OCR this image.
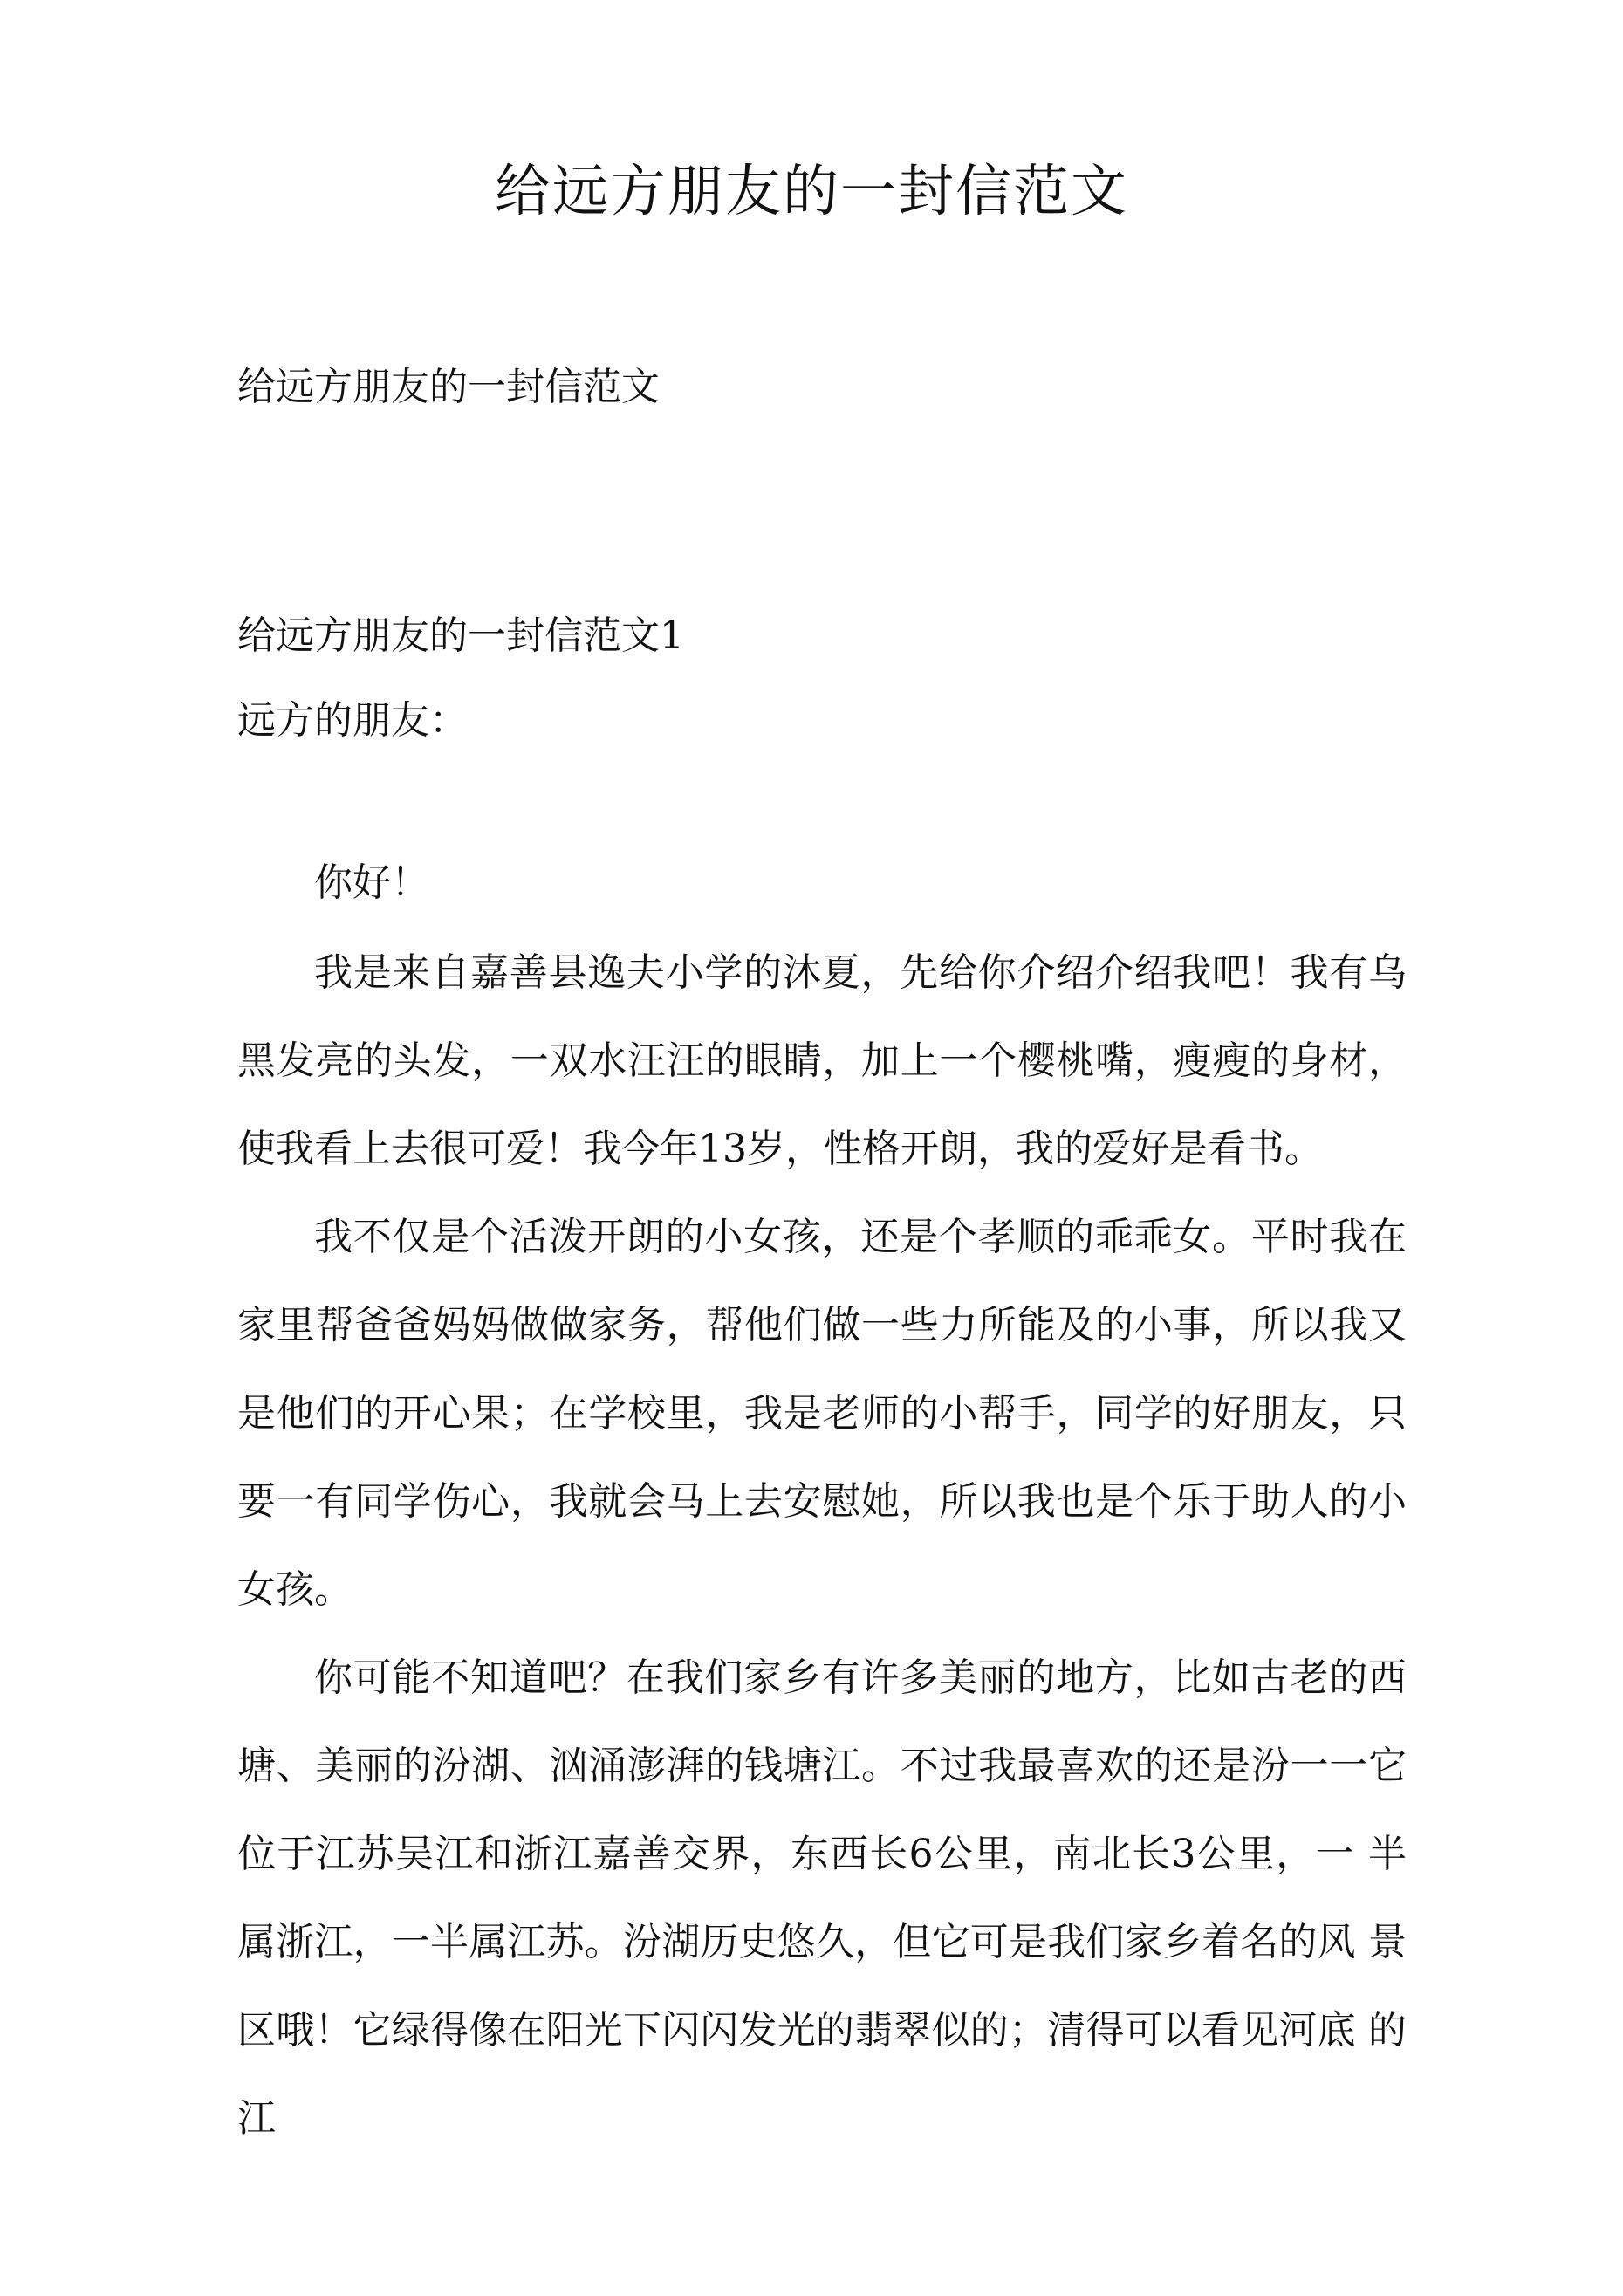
给远方朋友的一封信范文

给远方朋友的一封信范文

给远方朋友的一封信范文1

远方的朋友：

你好！

我是来自嘉善县逸夫小学的沐夏，先给你介绍介绍我吧！我有乌黑发亮的头发，一双水汪汪的眼睛，加上一个樱桃嘴，瘦瘦的身材，使我看上去很可爱！我今年13岁，性格开朗，我的爱好是看书。

我不仅是个活泼开朗的小女孩，还是个孝顺的乖乖女。平时我在家里帮爸爸妈妈做做家务，帮他们做一些力所能及的小事，所以我又是他们的开心果；在学校里，我是老师的小帮手，同学的好朋友，只要一有同学伤心，我就会马上去安慰她，所以我也是个乐于助人的小女孩。

你可能不知道吧？在我们家乡有许多美丽的地方，比如古老的西塘、美丽的汾湖、汹涌澎湃的钱塘江。不过我最喜欢的还是汾一一它位于江苏吴江和浙江嘉善交界，东西长6公里，南北长3公里，一 半属浙江，一半属江苏。汾湖历史悠久，但它可是我们家乡着名的风 景区哦！它绿得像在阳光下闪闪发光的翡翠似的；清得可以看见河底 的江
